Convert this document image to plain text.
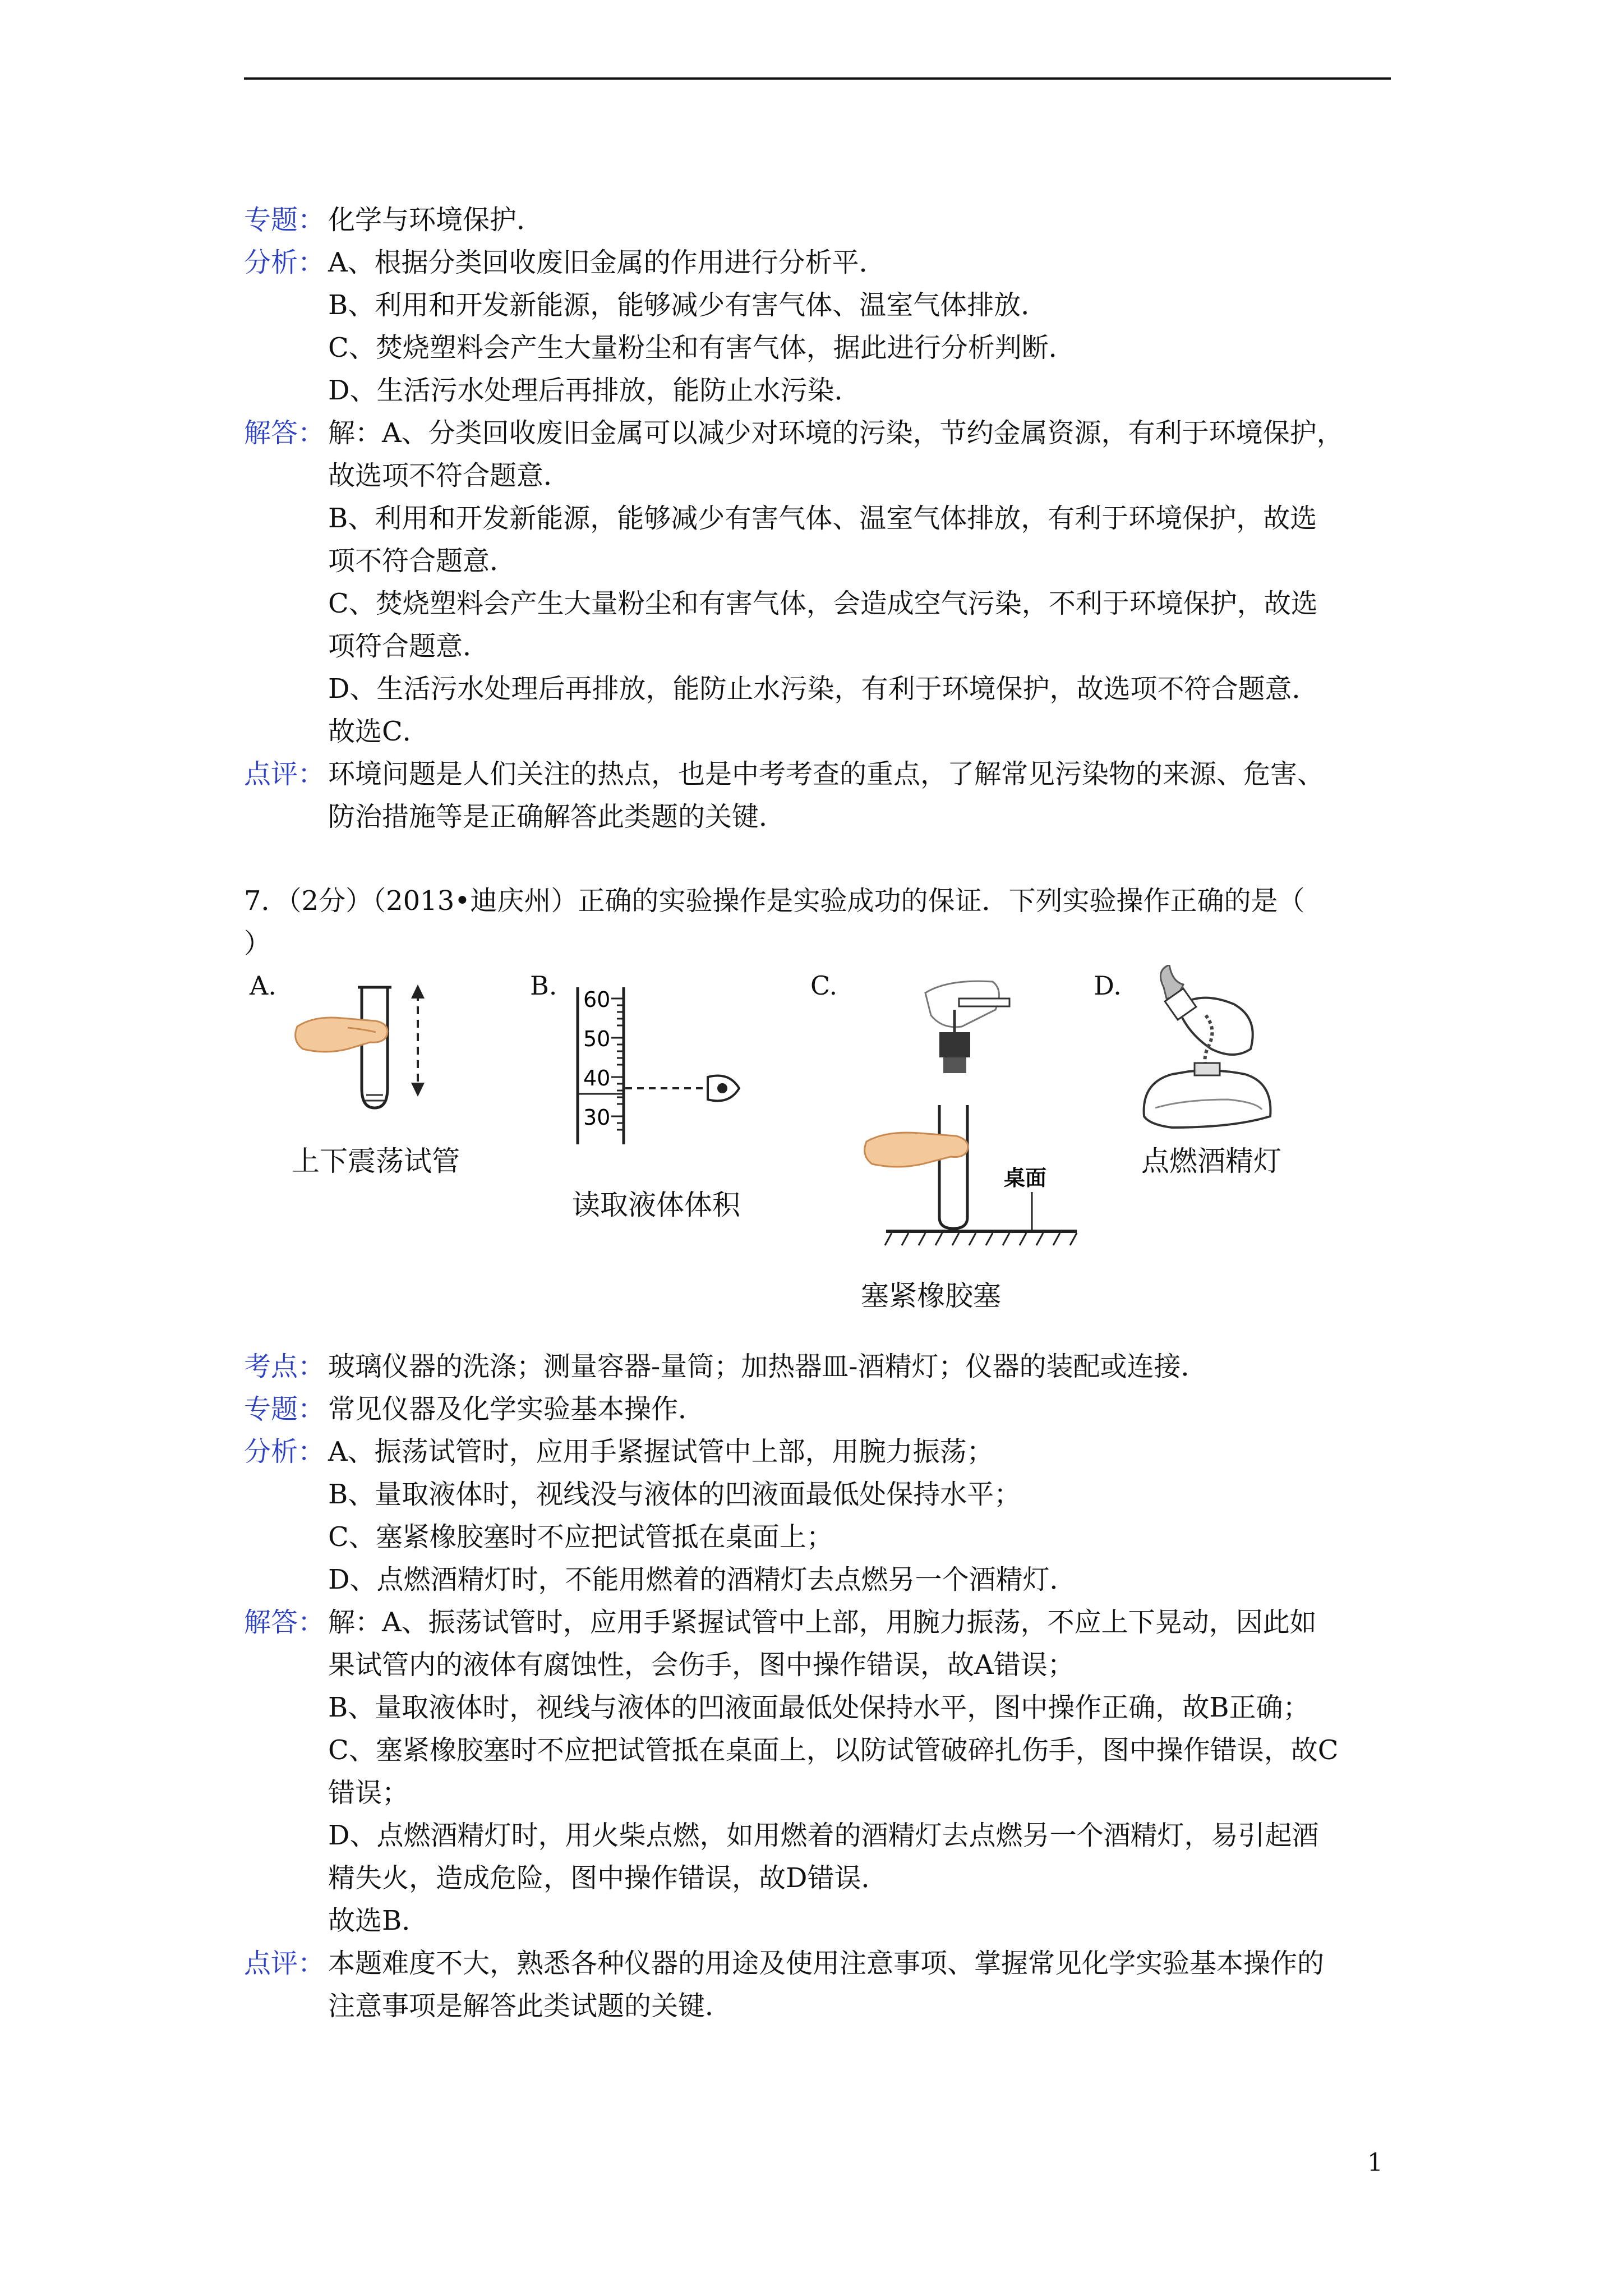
专题： 化学与环境保护．
分析： A、根据分类回收废旧金属的作用进行分析平．
B、利用和开发新能源，能够减少有害气体、温室气体排放．
C、焚烧塑料会产生大量粉尘和有害气体，据此进行分析判断．
D、生活污水处理后再排放，能防止水污染．
解答： 解：A、分类回收废旧金属可以减少对环境的污染，节约金属资源，有利于环境保护，
故选项不符合题意．
B、利用和开发新能源，能够减少有害气体、温室气体排放，有利于环境保护，故选
项不符合题意．
C、焚烧塑料会产生大量粉尘和有害气体，会造成空气污染，不利于环境保护，故选
项符合题意．
D、生活污水处理后再排放，能防止水污染，有利于环境保护，故选项不符合题意．
故选C．
点评： 环境问题是人们关注的热点，也是中考考查的重点，了解常见污染物的来源、危害、
防治措施等是正确解答此类题的关键．
7．（2分）（2013•迪庆州）正确的实验操作是实验成功的保证．下列实验操作正确的是（
）
A.	B.	C.	D.
上下震荡试管
60
50
40
30
读取液体体积
桌面
塞紧橡胶塞
点燃酒精灯
考点： 玻璃仪器的洗涤；测量容器-量筒；加热器皿-酒精灯；仪器的装配或连接．
专题： 常见仪器及化学实验基本操作．
分析： A、振荡试管时，应用手紧握试管中上部，用腕力振荡；
B、量取液体时，视线没与液体的凹液面最低处保持水平；
C、塞紧橡胶塞时不应把试管抵在桌面上；
D、点燃酒精灯时，不能用燃着的酒精灯去点燃另一个酒精灯．
解答： 解：A、振荡试管时，应用手紧握试管中上部，用腕力振荡，不应上下晃动，因此如
果试管内的液体有腐蚀性，会伤手，图中操作错误，故A错误；
B、量取液体时，视线与液体的凹液面最低处保持水平，图中操作正确，故B正确；
C、塞紧橡胶塞时不应把试管抵在桌面上，以防试管破碎扎伤手，图中操作错误，故C
错误；
D、点燃酒精灯时，用火柴点燃，如用燃着的酒精灯去点燃另一个酒精灯，易引起酒
精失火，造成危险，图中操作错误，故D错误．
故选B．
点评： 本题难度不大，熟悉各种仪器的用途及使用注意事项、掌握常见化学实验基本操作的
注意事项是解答此类试题的关键．
1
